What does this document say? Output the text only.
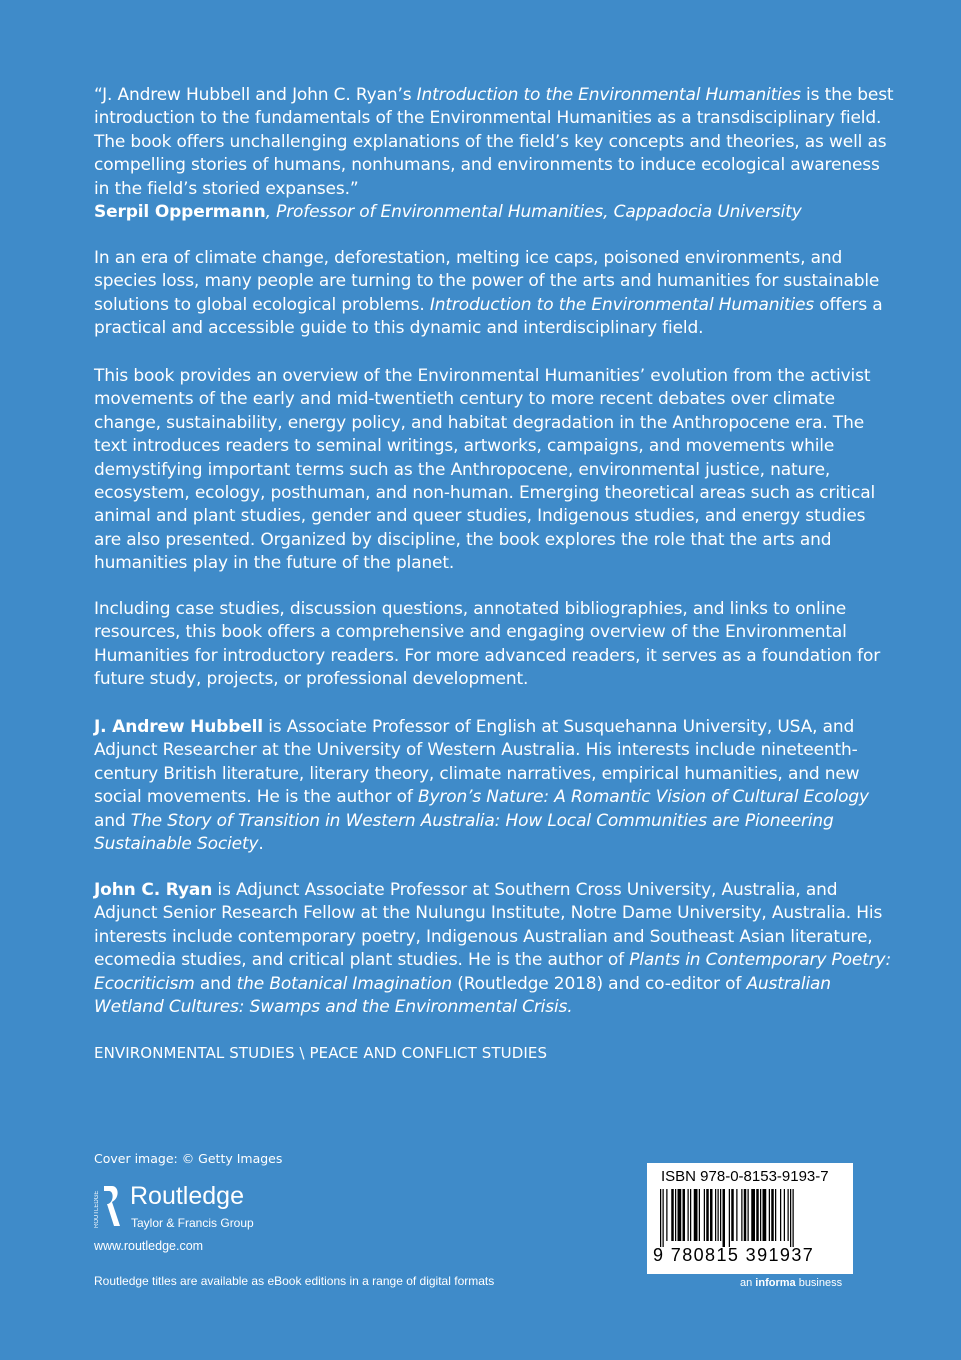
“J. Andrew Hubbell and John C. Ryan’s Introduction to the Environmental Humanities is the best introduction to the fundamentals of the Environmental Humanities as a transdisciplinary field. The book offers unchallenging explanations of the field’s key concepts and theories, as well as compelling stories of humans, nonhumans, and environments to induce ecological awareness in the field’s storied expanses.”
Serpil Oppermann, Professor of Environmental Humanities, Cappadocia University

In an era of climate change, deforestation, melting ice caps, poisoned environments, and species loss, many people are turning to the power of the arts and humanities for sustainable solutions to global ecological problems. Introduction to the Environmental Humanities offers a practical and accessible guide to this dynamic and interdisciplinary field.

This book provides an overview of the Environmental Humanities’ evolution from the activist movements of the early and mid-twentieth century to more recent debates over climate change, sustainability, energy policy, and habitat degradation in the Anthropocene era. The text introduces readers to seminal writings, artworks, campaigns, and movements while demystifying important terms such as the Anthropocene, environmental justice, nature, ecosystem, ecology, posthuman, and non-human. Emerging theoretical areas such as critical animal and plant studies, gender and queer studies, Indigenous studies, and energy studies are also presented. Organized by discipline, the book explores the role that the arts and humanities play in the future of the planet.

Including case studies, discussion questions, annotated bibliographies, and links to online resources, this book offers a comprehensive and engaging overview of the Environmental Humanities for introductory readers. For more advanced readers, it serves as a foundation for future study, projects, or professional development.

J. Andrew Hubbell is Associate Professor of English at Susquehanna University, USA, and Adjunct Researcher at the University of Western Australia. His interests include nineteenth-century British literature, literary theory, climate narratives, empirical humanities, and new social movements. He is the author of Byron’s Nature: A Romantic Vision of Cultural Ecology and The Story of Transition in Western Australia: How Local Communities are Pioneering Sustainable Society.

John C. Ryan is Adjunct Associate Professor at Southern Cross University, Australia, and Adjunct Senior Research Fellow at the Nulungu Institute, Notre Dame University, Australia. His interests include contemporary poetry, Indigenous Australian and Southeast Asian literature, ecomedia studies, and critical plant studies. He is the author of Plants in Contemporary Poetry: Ecocriticism and the Botanical Imagination (Routledge 2018) and co-editor of Australian Wetland Cultures: Swamps and the Environmental Crisis.

ENVIRONMENTAL STUDIES \ PEACE AND CONFLICT STUDIES
Cover image: © Getty Images
ROUTLEDGE Routledge
Taylor & Francis Group
www.routledge.com
Routledge titles are available as eBook editions in a range of digital formats
ISBN 978-0-8153-9193-7
9 780815 391937
an informa business
